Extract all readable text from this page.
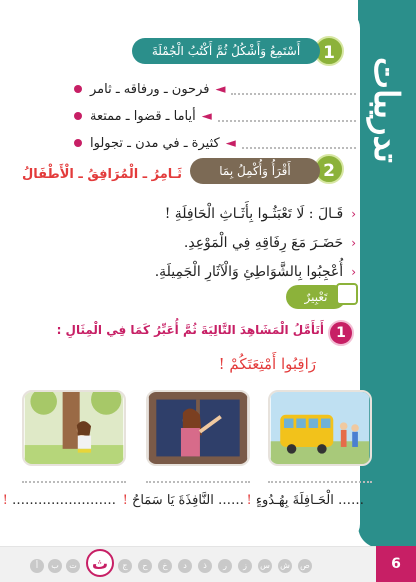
تدريبات
1
أَسْتَمِعُ وَأَشْكُلُ ثُمَّ أَكْتُبُ الْجُمْلَةَ
فرحون ـ ورفاقه ـ ثامر ◄
أياما ـ قضوا ـ ممتعة ◄
كثيرة ـ في مدن ـ تجولوا ◄
2
أَقْرَأُ وَأُكْمِلُ بِمَا يُنَاسِبُ
ثَـامِرُ ـ الْمُرَافِقُ ـ الْأَطْفَالُ
‹
قَـالَ : لَا تَعْبَثُـوا بِأَثَـاثِ الْحَافِلَةِ !
‹
حَضَـرَ مَعَ رِفَاقِهِ فِي الْمَوْعِدِ.
‹
أُعْجِبُوا بِالشَّوَاطِئِ وَالْآثَارِ الْجَمِيلَةِ.
تَعْبِيرٌ
1
أَتَأَمَّلُ الْمَشَاهِدَ التَّالِيَةَ ثُمَّ أُعَبِّرُ كَمَا فِي الْمِثَالِ :
رَاقِبُوا أَمْتِعَتَكُمْ !
…… الْحَـافِلَةَ بِهُـدُوءٍ !
…… النَّافِذَةَ يَا سَمَاحُ !
…………………… !
أ	ب	ت ث	ج	ح	خ	د	ذ	ر	ز	س ش ص	6
